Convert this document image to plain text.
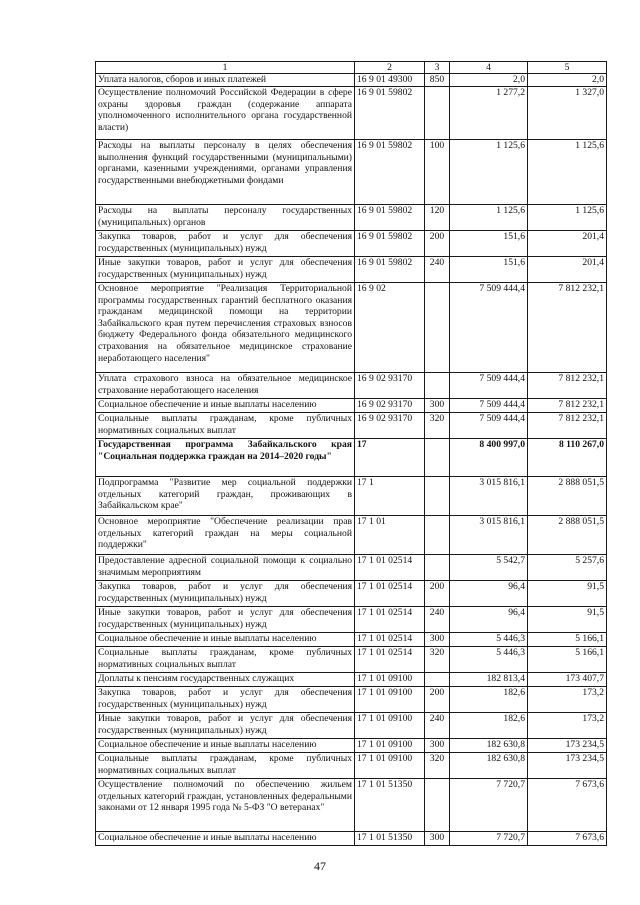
1	2	3	4	5
Уплата налогов, сборов и иных платежей	16 9 01 49300	850	2,0	2,0
Осуществление полномочий Российской Федерации в сфере охраны здоровья граждан (содержание аппарата уполномоченного исполнительного органа государственной власти)	16 9 01 59802		1 277,2	1 327,0
Расходы на выплаты персоналу в целях обеспечения выполнения функций государственными (муниципальными) органами, казенными учреждениями, органами управления государственными внебюджетными фондами	16 9 01 59802	100	1 125,6	1 125,6
Расходы на выплаты персоналу государственных (муниципальных) органов	16 9 01 59802	120	1 125,6	1 125,6
Закупка товаров, работ и услуг для обеспечения государственных (муниципальных) нужд	16 9 01 59802	200	151,6	201,4
Иные закупки товаров, работ и услуг для обеспечения государственных (муниципальных) нужд	16 9 01 59802	240	151,6	201,4
Основное мероприятие "Реализация Территориальной программы государственных гарантий бесплатного оказания гражданам медицинской помощи на территории Забайкальского края путем перечисления страховых взносов бюджету Федерального фонда обязательного медицинского страхования на обязательное медицинское страхование неработающего населения"	16 9 02		7 509 444,4	7 812 232,1
Уплата страхового взноса на обязательное медицинское страхование неработающего населения	16 9 02 93170		7 509 444,4	7 812 232,1
Социальное обеспечение и иные выплаты населению	16 9 02 93170	300	7 509 444,4	7 812 232,1
Социальные выплаты гражданам, кроме публичных нормативных социальных выплат	16 9 02 93170	320	7 509 444,4	7 812 232,1
Государственная программа Забайкальского края "Социальная поддержка граждан на 2014–2020 годы"	17		8 400 997,0	8 110 267,0
Подпрограмма "Развитие мер социальной поддержки отдельных категорий граждан, проживающих в Забайкальском крае"	17 1		3 015 816,1	2 888 051,5
Основное мероприятие "Обеспечение реализации прав отдельных категорий граждан на меры социальной поддержки"	17 1 01		3 015 816,1	2 888 051,5
Предоставление адресной социальной помощи к социально значимым мероприятиям	17 1 01 02514		5 542,7	5 257,6
Закупка товаров, работ и услуг для обеспечения государственных (муниципальных) нужд	17 1 01 02514	200	96,4	91,5
Иные закупки товаров, работ и услуг для обеспечения государственных (муниципальных) нужд	17 1 01 02514	240	96,4	91,5
Социальное обеспечение и иные выплаты населению	17 1 01 02514	300	5 446,3	5 166,1
Социальные выплаты гражданам, кроме публичных нормативных социальных выплат	17 1 01 02514	320	5 446,3	5 166,1
Доплаты к пенсиям государственных служащих	17 1 01 09100		182 813,4	173 407,7
Закупка товаров, работ и услуг для обеспечения государственных (муниципальных) нужд	17 1 01 09100	200	182,6	173,2
Иные закупки товаров, работ и услуг для обеспечения государственных (муниципальных) нужд	17 1 01 09100	240	182,6	173,2
Социальное обеспечение и иные выплаты населению	17 1 01 09100	300	182 630,8	173 234,5
Социальные выплаты гражданам, кроме публичных нормативных социальных выплат	17 1 01 09100	320	182 630,8	173 234,5
Осуществление полномочий по обеспечению жильем отдельных категорий граждан, установленных федеральными законами от 12 января 1995 года № 5-ФЗ "О ветеранах"	17 1 01 51350		7 720,7	7 673,6
Социальное обеспечение и иные выплаты населению	17 1 01 51350	300	7 720,7	7 673,6
47
